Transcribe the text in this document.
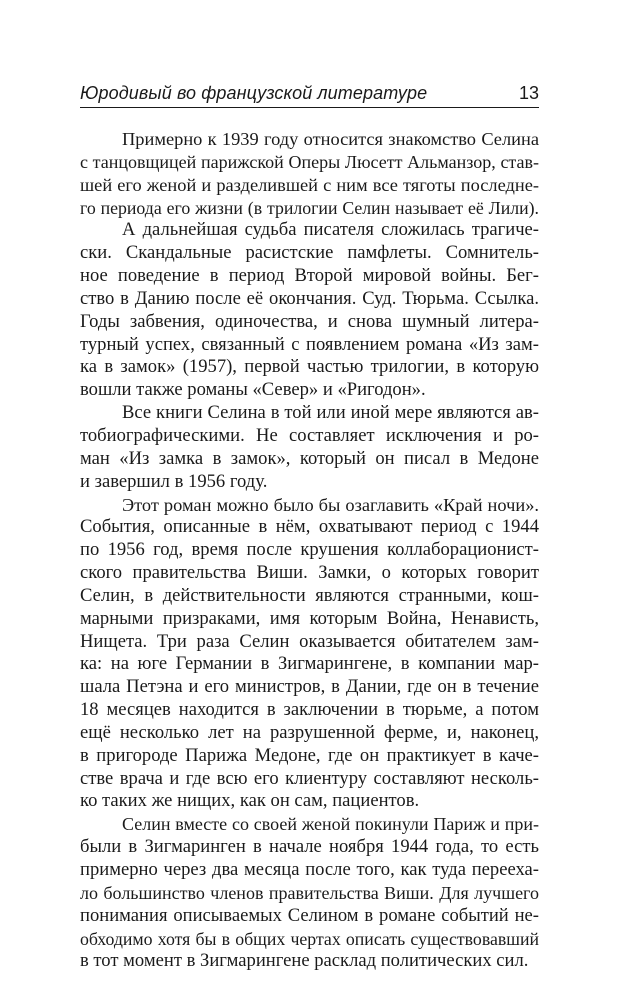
Юродивый во французской литературе	13

Примерно к 1939 году относится знакомство Селина
с танцовщицей парижской Оперы Люсетт Альманзор, став-
шей его женой и разделившей с ним все тяготы последне-
го периода его жизни (в трилогии Селин называет её Лили).

А дальнейшая судьба писателя сложилась трагиче-
ски. Скандальные расистские памфлеты. Сомнитель-
ное поведение в период Второй мировой войны. Бег-
ство в Данию после её окончания. Суд. Тюрьма. Ссылка.
Годы забвения, одиночества, и снова шумный литера-
турный успех, связанный с появлением романа «Из зам-
ка в замок» (1957), первой частью трилогии, в которую
вошли также романы «Север» и «Ригодон».

Все книги Селина в той или иной мере являются ав-
тобиографическими. Не составляет исключения и ро-
ман «Из замка в замок», который он писал в Медоне
и завершил в 1956 году.

Этот роман можно было бы озаглавить «Край ночи».
События, описанные в нём, охватывают период с 1944
по 1956 год, время после крушения коллаборационист-
ского правительства Виши. Замки, о которых говорит
Селин, в действительности являются странными, кош-
марными призраками, имя которым Война, Ненависть,
Нищета. Три раза Селин оказывается обитателем зам-
ка: на юге Германии в Зигмарингене, в компании мар-
шала Петэна и его министров, в Дании, где он в течение
18 месяцев находится в заключении в тюрьме, а потом
ещё несколько лет на разрушенной ферме, и, наконец,
в пригороде Парижа Медоне, где он практикует в каче-
стве врача и где всю его клиентуру составляют несколь-
ко таких же нищих, как он сам, пациентов.

Селин вместе со своей женой покинули Париж и при-
были в Зигмаринген в начале ноября 1944 года, то есть
примерно через два месяца после того, как туда перееха-
ло большинство членов правительства Виши. Для лучшего
понимания описываемых Селином в романе событий не-
обходимо хотя бы в общих чертах описать существовавший
в тот момент в Зигмарингене расклад политических сил.
